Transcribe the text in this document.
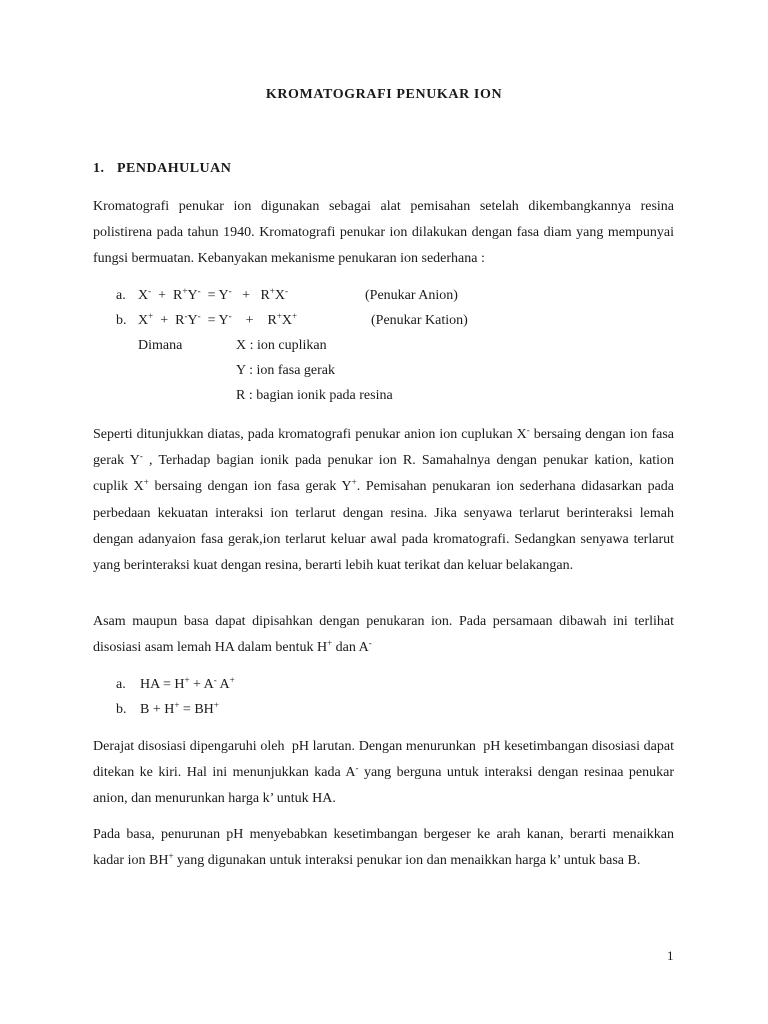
KROMATOGRAFI PENUKAR ION
1. PENDAHULUAN

Kromatografi penukar ion digunakan sebagai alat pemisahan setelah dikembangkannya resina polistirena pada tahun 1940. Kromatografi penukar ion dilakukan dengan fasa diam yang mempunyai fungsi bermuatan. Kebanyakan mekanisme penukaran ion sederhana :

a. X-  +  R+Y-  = Y-   +   R+X-	(Penukar Anion)
b. X+  +  R-Y-  = Y-    +    R+X+	(Penukar Kation)
Dimana	X : ion cuplikan
Y : ion fasa gerak
R : bagian ionik pada resina

Seperti ditunjukkan diatas, pada kromatografi penukar anion ion cuplukan X- bersaing dengan ion fasa gerak Y- , Terhadap bagian ionik pada penukar ion R. Samahalnya dengan penukar kation, kation cuplik X+ bersaing dengan ion fasa gerak Y+. Pemisahan penukaran ion sederhana didasarkan pada perbedaan kekuatan interaksi ion terlarut dengan resina. Jika senyawa terlarut berinteraksi lemah dengan adanyaion fasa gerak,ion terlarut keluar awal pada kromatografi. Sedangkan senyawa terlarut yang berinteraksi kuat dengan resina, berarti lebih kuat terikat dan keluar belakangan.

Asam maupun basa dapat dipisahkan dengan penukaran ion. Pada persamaan dibawah ini terlihat disosiasi asam lemah HA dalam bentuk H+ dan A-

a. HA = H+ + A- A+
b. B + H+ = BH+

Derajat disosiasi dipengaruhi oleh  pH larutan. Dengan menurunkan  pH kesetimbangan disosiasi dapat ditekan ke kiri. Hal ini menunjukkan kada A- yang berguna untuk interaksi dengan resinaa penukar anion, dan menurunkan harga k’ untuk HA.

Pada basa, penurunan pH menyebabkan kesetimbangan bergeser ke arah kanan, berarti menaikkan kadar ion BH+ yang digunakan untuk interaksi penukar ion dan menaikkan harga k’ untuk basa B.

1
